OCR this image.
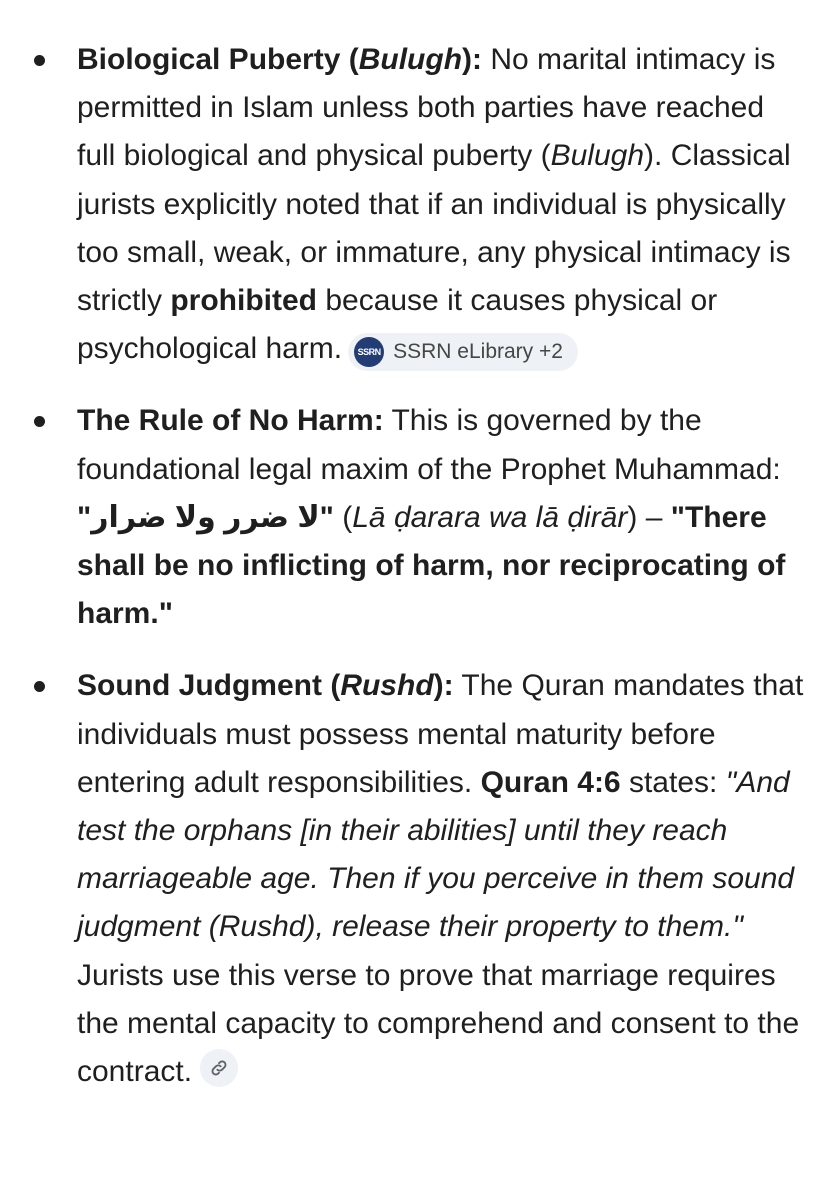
Biological Puberty (Bulugh): No marital intimacy is permitted in Islam unless both parties have reached full biological and physical puberty (Bulugh). Classical jurists explicitly noted that if an individual is physically too small, weak, or immature, any physical intimacy is strictly prohibited because it causes physical or psychological harm.	SSRN SSRN eLibrary +2
The Rule of No Harm: This is governed by the foundational legal maxim of the Prophet Muhammad: "لا ضرر ولا ضرار" (Lā ḍarara wa lā ḍirār) – "There shall be no inflicting of harm, nor reciprocating of harm."
Sound Judgment (Rushd): The Quran mandates that individuals must possess mental maturity before entering adult responsibilities. Quran 4:6 states: "And test the orphans [in their abilities] until they reach marriageable age. Then if you perceive in them sound judgment (Rushd), release their property to them." Jurists use this verse to prove that marriage requires the mental capacity to comprehend and consent to the contract.
